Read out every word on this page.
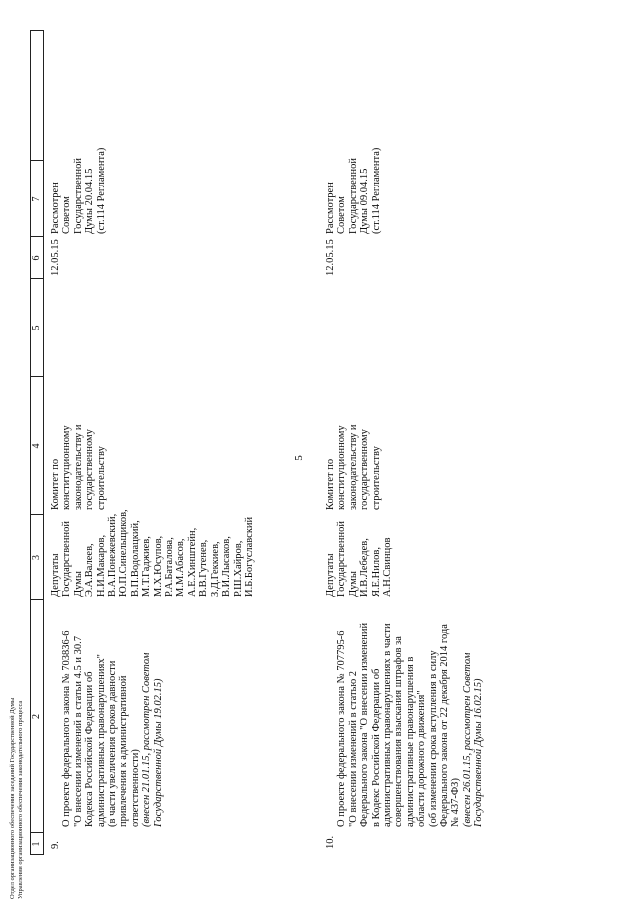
5
1
2
3
4
5
6
7
9.

О проекте федерального закона № 703836-6
"О внесении изменений в статьи 4.5 и 30.7
Кодекса Российской Федерации об
административных правонарушениях"
(в части увеличения сроков давности
привлечения к административной
ответственности) (внесен 21.01.15, рассмотрен Советом
Государственной Думы 19.02.15)

Депутаты
Государственной
Думы
Э.А.Валеев,
Н.И.Макаров,
В.А.Понежевский,
Ю.П.Синельщиков,
В.П.Водолацкий,
М.Т.Гаджиев,
М.Х.Юсупов,
Р.А.Баталова,
М.М.Абасов,
А.Е.Хинштейн,
В.В.Гутенев,
З.Д.Геккиев,
В.И.Лысаков,
Р.Ш.Хайров,
И.Б.Богуславский
Комитет по
конституционному
законодательству и
государственному
строительству
12.05.15
Рассмотрен
Советом
Государственной
Думы 20.04.15
(ст.114 Регламента)
10.

О проекте федерального закона № 707795-6
"О внесении изменений в статью 2
Федерального закона "О внесении изменений
в Кодекс Российской Федерации об
административных правонарушениях в части
совершенствования взыскания штрафов за
административные правонарушения в
области дорожного движения"
(об изменении срока вступления в силу
Федерального закона от 22 декабря 2014 года
№ 437-ФЗ) (внесен 26.01.15, рассмотрен Советом
Государственной Думы 16.02.15)

Депутаты
Государственной
Думы
И.В.Лебедев,
Я.Е.Нилов,
А.Н.Свинцов
Комитет по
конституционному
законодательству и
государственному
строительству
12.05.15
Рассмотрен
Советом
Государственной
Думы 09.04.15
(ст.114 Регламента)
Отдел организационного обеспечения заседаний Государственной Думы Управления организационного обеспечения законодательного процесса
